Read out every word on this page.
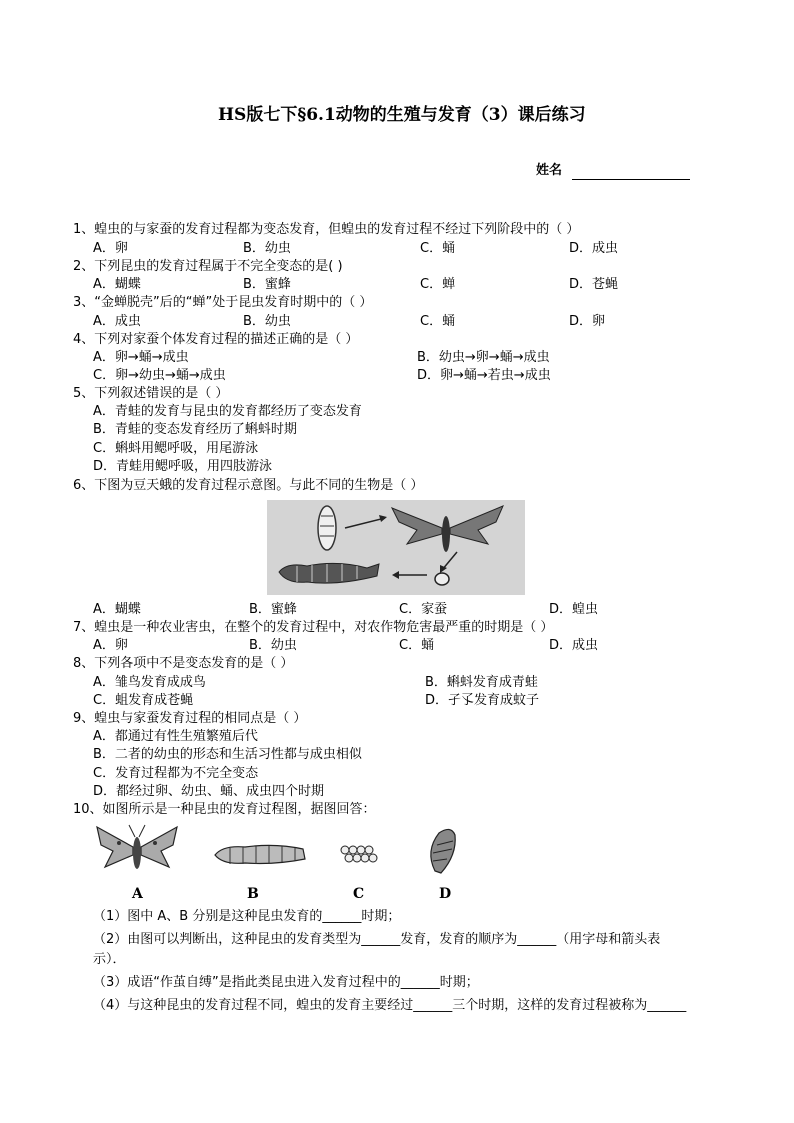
HS版七下§6.1动物的生殖与发育（3）课后练习
姓名
1、蝗虫的与家蚕的发育过程都为变态发育，但蝗虫的发育过程不经过下列阶段中的（ ）
A．卵	B．幼虫	C．蛹	D．成虫
2、下列昆虫的发育过程属于不完全变态的是( )
A．蝴蝶	B．蜜蜂	C．蝉	D．苍蝇
3、“金蝉脱壳”后的“蝉”处于昆虫发育时期中的（ ）
A．成虫	B．幼虫	C．蛹	D．卵
4、下列对家蚕个体发育过程的描述正确的是（ ）
A．卵→蛹→成虫	B．幼虫→卵→蛹→成虫
C．卵→幼虫→蛹→成虫	D．卵→蛹→若虫→成虫
5、下列叙述错误的是（ ）
A．青蛙的发育与昆虫的发育都经历了变态发育
B．青蛙的变态发育经历了蝌蚪时期
C．蝌蚪用鳃呼吸，用尾游泳
D．青蛙用鳃呼吸，用四肢游泳
6、下图为豆天蛾的发育过程示意图。与此不同的生物是（ ）
A．蝴蝶	B．蜜蜂	C．家蚕	D．蝗虫
7、蝗虫是一种农业害虫，在整个的发育过程中，对农作物危害最严重的时期是（ ）
A．卵	B．幼虫	C．蛹	D．成虫
8、下列各项中不是变态发育的是（ ）
A．雏鸟发育成成鸟	B．蝌蚪发育成青蛙
C．蛆发育成苍蝇	D．孑孓发育成蚊子
9、蝗虫与家蚕发育过程的相同点是（ ）
A．都通过有性生殖繁殖后代
B．二者的幼虫的形态和生活习性都与成虫相似
C．发育过程都为不完全变态
D．都经过卵、幼虫、蛹、成虫四个时期
10、如图所示是一种昆虫的发育过程图，据图回答：
A	B	C	D
（1）图中 A、B 分别是这种昆虫发育的______时期；
（2）由图可以判断出，这种昆虫的发育类型为______发育，发育的顺序为______（用字母和箭头表
示）．
（3）成语“作茧自缚”是指此类昆虫进入发育过程中的______时期；
（4）与这种昆虫的发育过程不同，蝗虫的发育主要经过______三个时期，这样的发育过程被称为______
